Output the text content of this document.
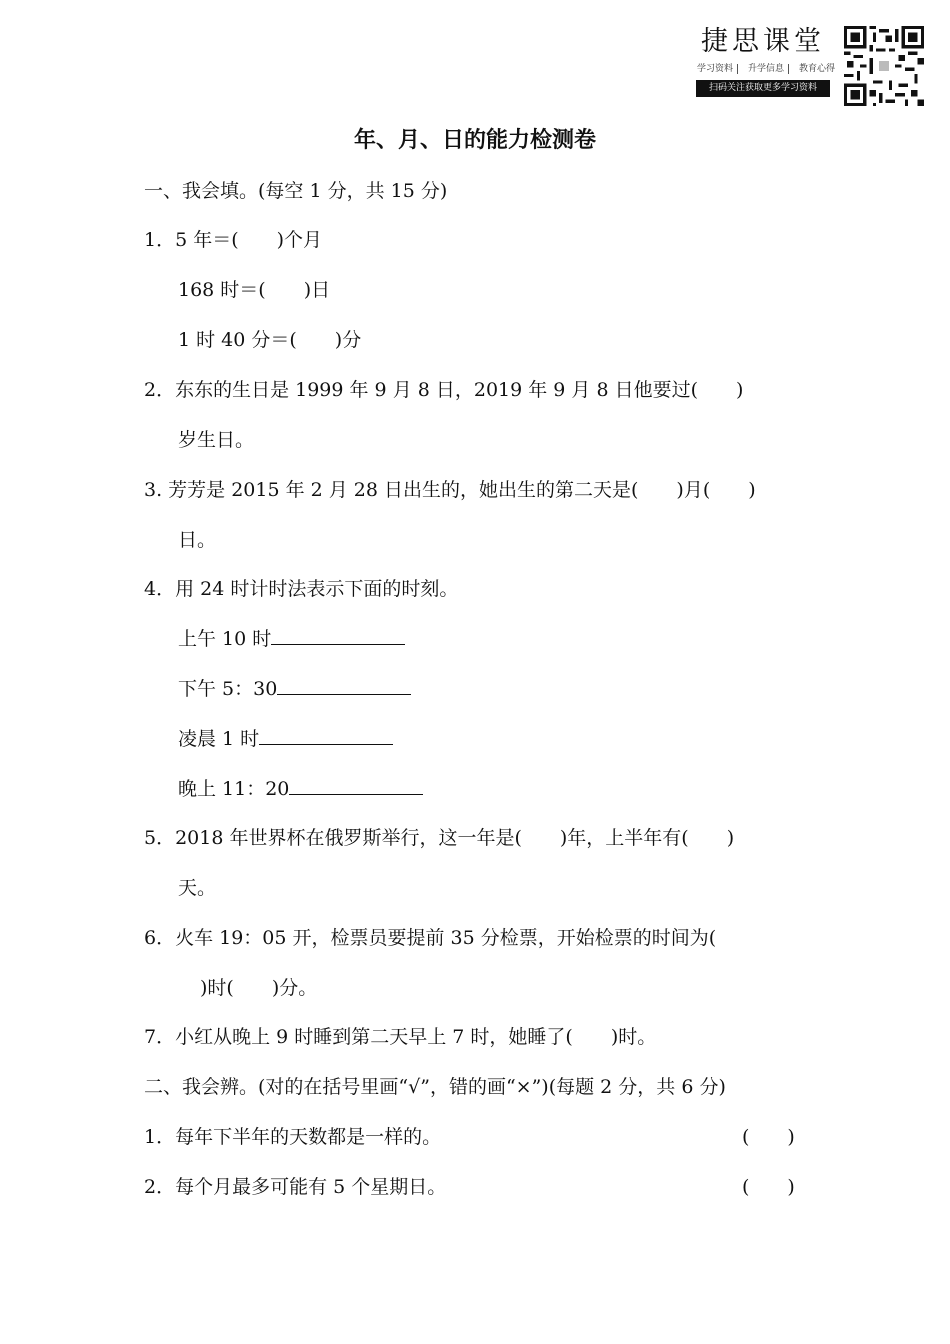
捷思课堂
学习资料 升学信息 教育心得
扫码关注获取更多学习资料
年、月、日的能力检测卷
一、我会填。(每空 1 分，共 15 分)
1．5 年＝(　　)个月
168 时＝(　　)日
1 时 40 分＝(　　)分
2．东东的生日是 1999 年 9 月 8 日，2019 年 9 月 8 日他要过(　　)
岁生日。
3. 芳芳是 2015 年 2 月 28 日出生的，她出生的第二天是(　　)月(　　)
日。
4．用 24 时计时法表示下面的时刻。
上午 10 时
下午 5：30
凌晨 1 时
晚上 11：20
5．2018 年世界杯在俄罗斯举行，这一年是(　　)年，上半年有(　　)
天。
6．火车 19：05 开，检票员要提前 35 分检票，开始检票的时间为(
)时(　　)分。
7．小红从晚上 9 时睡到第二天早上 7 时，她睡了(　　)时。
二、我会辨。(对的在括号里画“√”，错的画“×”)(每题 2 分，共 6 分)
1．每年下半年的天数都是一样的。	(　　)
2．每个月最多可能有 5 个星期日。	(　　)
